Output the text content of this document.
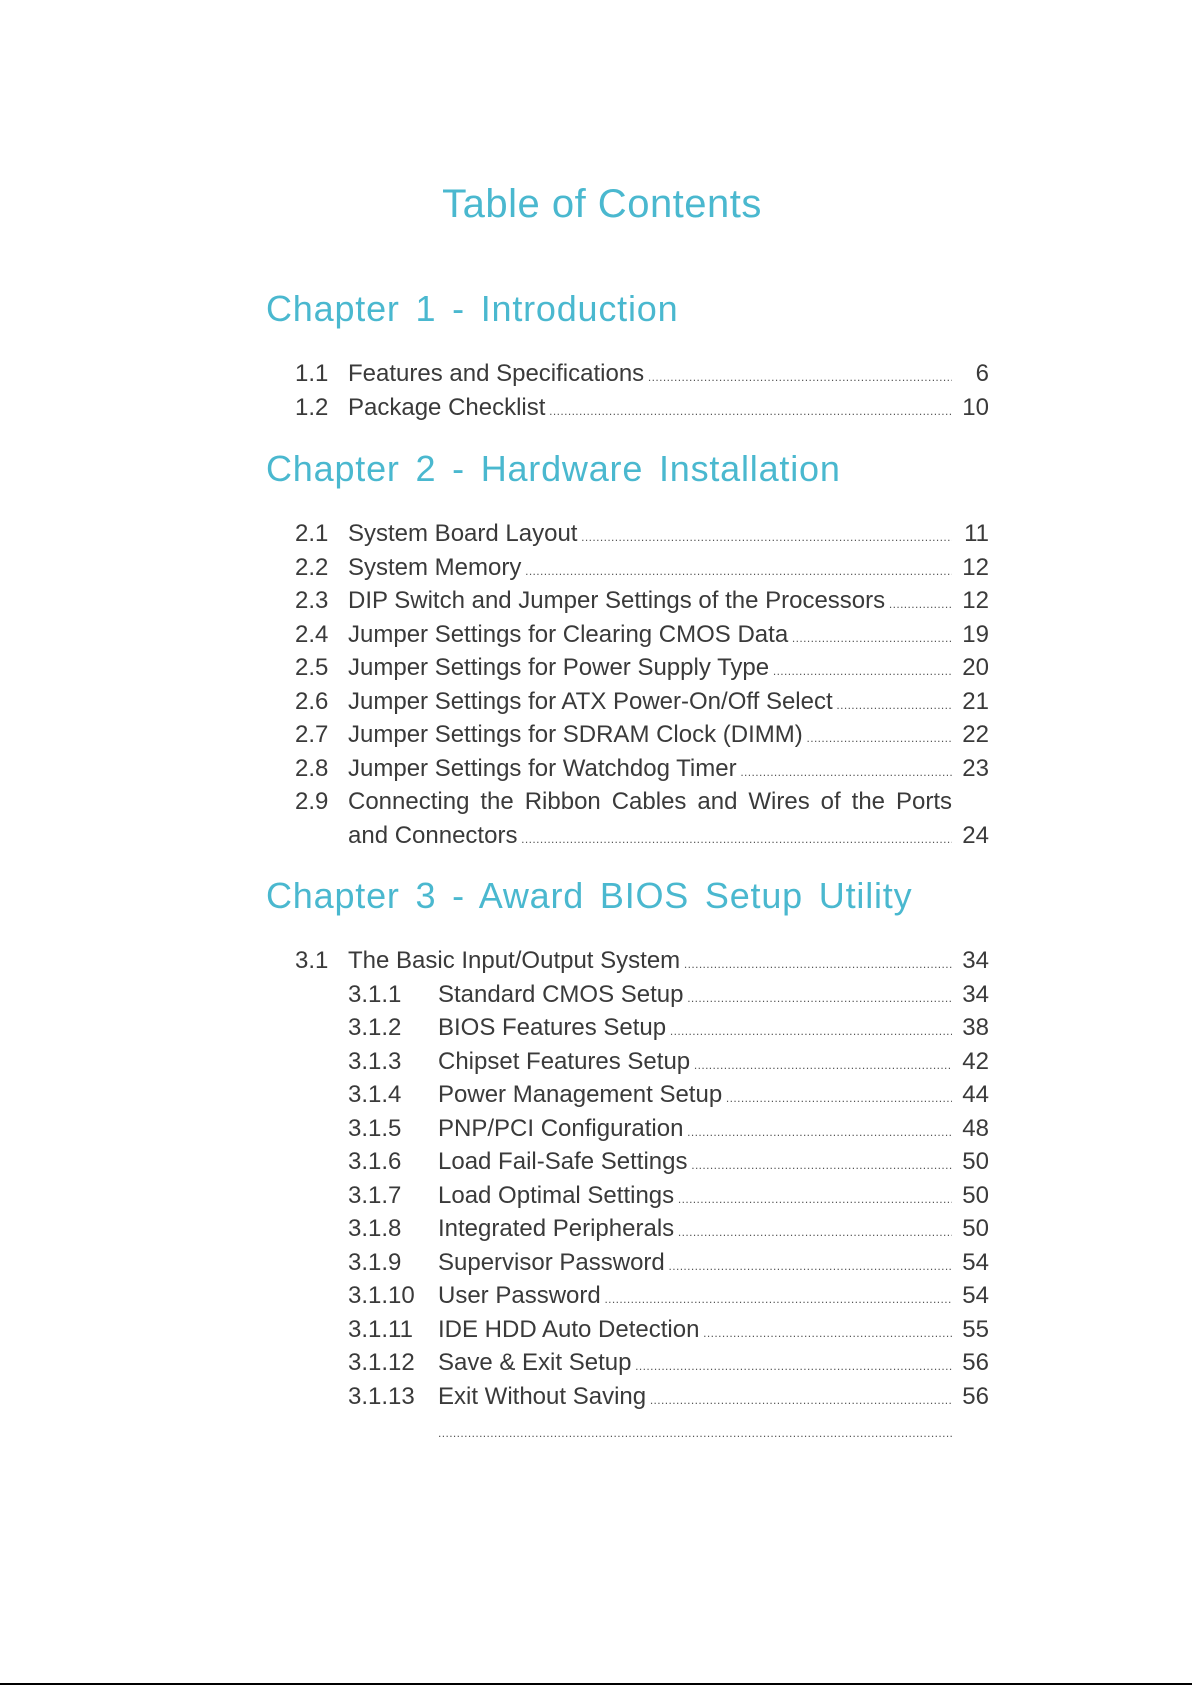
Table of Contents
Chapter 1 - Introduction
1.1 Features and Specifications .....	6
1.2 Package Checklist .....	10
Chapter 2 - Hardware Installation
2.1 System Board Layout .....	11
2.2 System Memory .....	12
2.3 DIP Switch and Jumper Settings of the Processors .....	12
2.4 Jumper Settings for Clearing CMOS Data .....	19
2.5 Jumper Settings for Power Supply Type .....	20
2.6 Jumper Settings for ATX Power-On/Off Select .....	21
2.7 Jumper Settings for SDRAM Clock (DIMM) .....	22
2.8 Jumper Settings for Watchdog Timer .....	23
2.9 Connecting the Ribbon Cables and Wires of the Ports
and Connectors .....	24
Chapter 3 - Award BIOS Setup Utility
3.1 The Basic Input/Output System .....	34
3.1.1 Standard CMOS Setup .....	34
3.1.2 BIOS Features Setup .....	38
3.1.3 Chipset Features Setup .....	42
3.1.4 Power Management Setup .....	44
3.1.5 PNP/PCI Configuration .....	48
3.1.6 Load Fail-Safe Settings .....	50
3.1.7 Load Optimal Settings .....	50
3.1.8 Integrated Peripherals .....	50
3.1.9 Supervisor Password .....	54
3.1.10 User Password .....	54
3.1.11 IDE HDD Auto Detection .....	55
3.1.12 Save & Exit Setup .....	56
3.1.13 Exit Without Saving .....	56
.....
